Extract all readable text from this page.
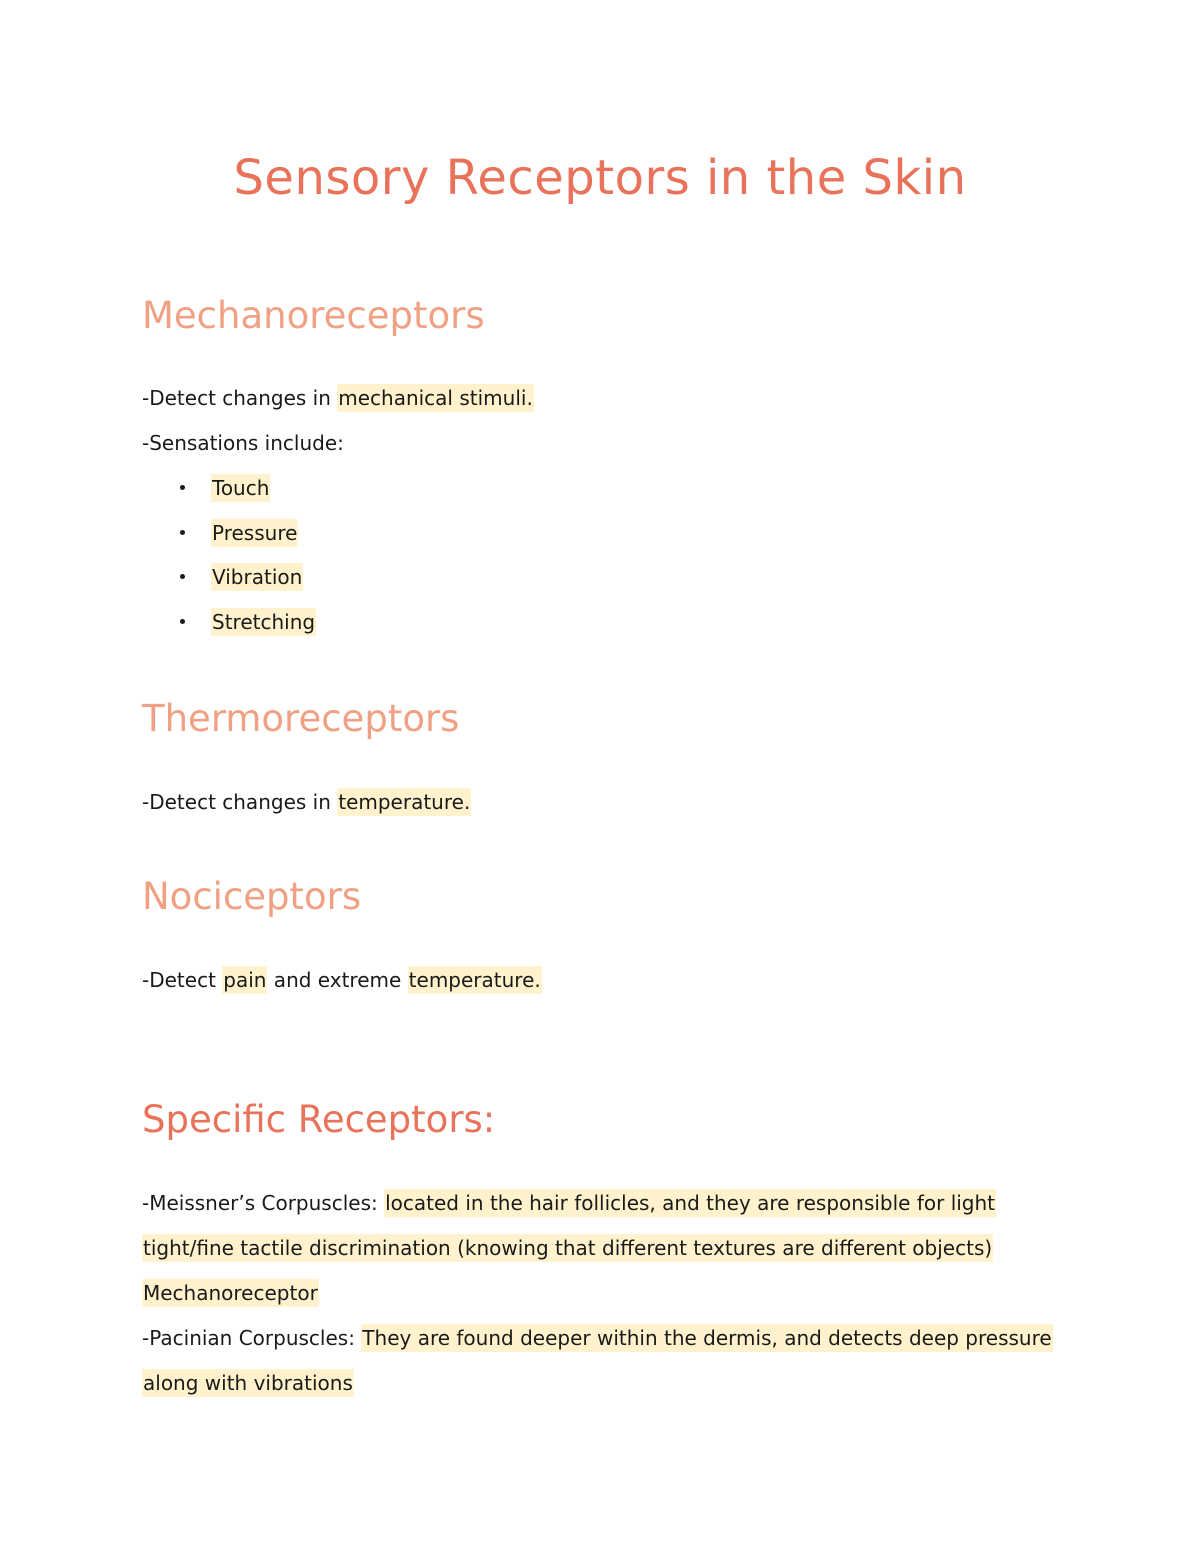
Sensory Receptors in the Skin
Mechanoreceptors

-Detect changes in mechanical stimuli.

-Sensations include:

Touch
Pressure
Vibration
Stretching
Thermoreceptors

-Detect changes in temperature.

Nociceptors

-Detect pain and extreme temperature.

Specific Receptors:

-Meissner’s Corpuscles: located in the hair follicles, and they are responsible for light

tight/fine tactile discrimination (knowing that different textures are different objects)

Mechanoreceptor

-Pacinian Corpuscles: They are found deeper within the dermis, and detects deep pressure

along with vibrations
